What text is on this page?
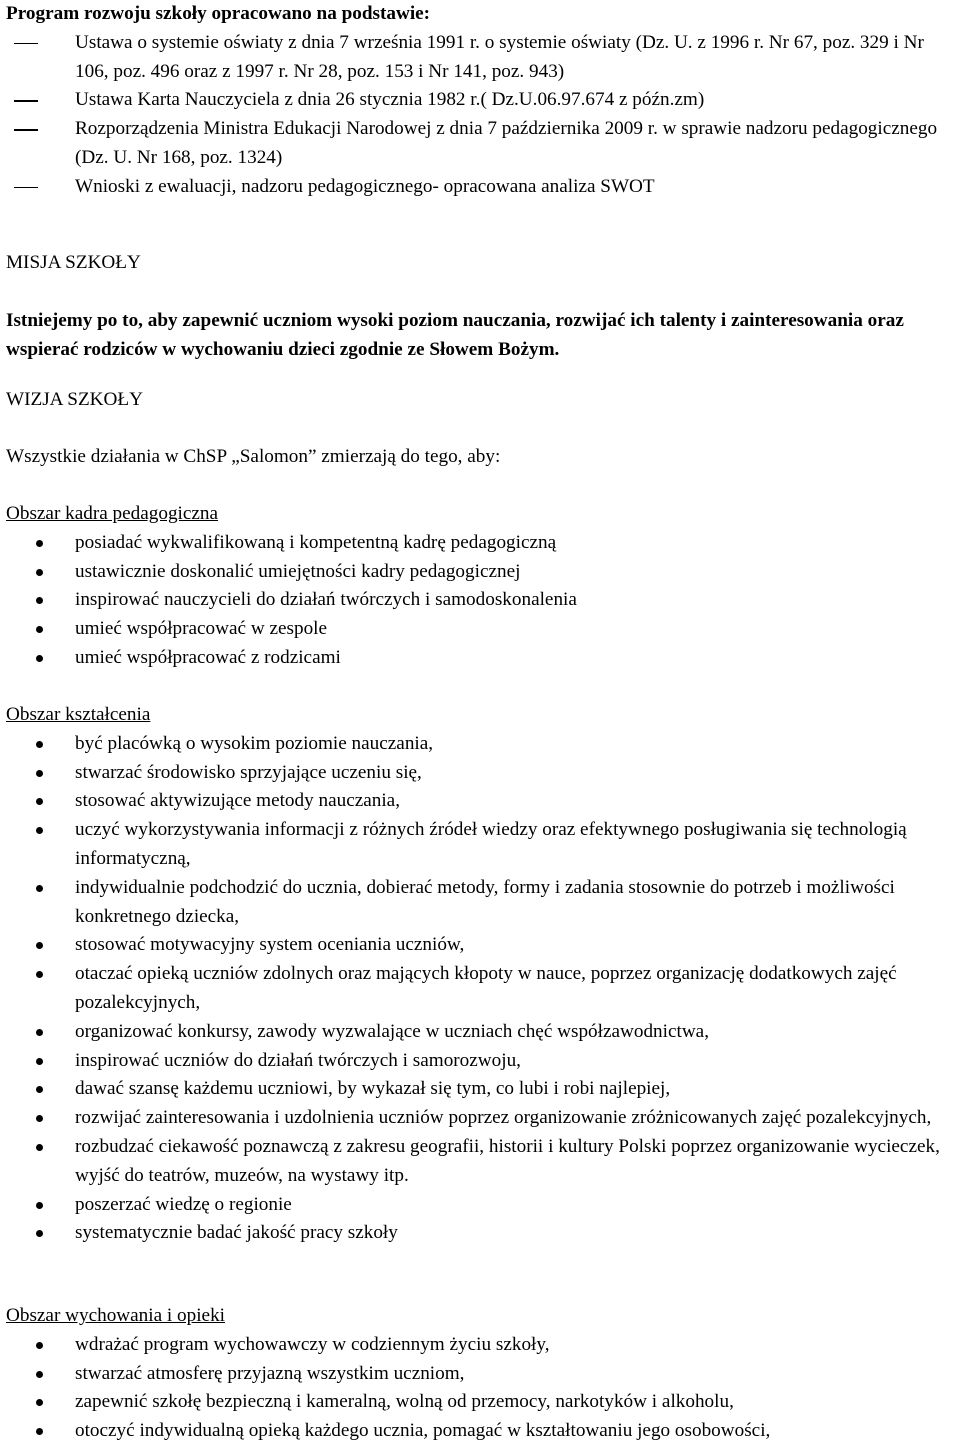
Program rozwoju szkoły opracowano na podstawie:
Ustawa o systemie oświaty z dnia 7 września 1991 r. o systemie oświaty (Dz. U. z 1996 r. Nr 67, poz. 329 i Nr 106, poz. 496 oraz z 1997 r. Nr 28, poz. 153 i Nr 141, poz. 943)
Ustawa Karta Nauczyciela z dnia 26 stycznia 1982 r.( Dz.U.06.97.674 z późn.zm)
Rozporządzenia Ministra Edukacji Narodowej z dnia 7 października 2009 r. w sprawie nadzoru pedagogicznego (Dz. U. Nr 168, poz. 1324)
Wnioski z ewaluacji, nadzoru pedagogicznego- opracowana analiza SWOT
MISJA SZKOŁY
Istniejemy po to, aby zapewnić uczniom wysoki poziom nauczania, rozwijać ich talenty i zainteresowania oraz wspierać rodziców w wychowaniu dzieci zgodnie ze Słowem Bożym.
WIZJA SZKOŁY
Wszystkie działania w ChSP „Salomon” zmierzają do tego, aby:
Obszar kadra pedagogiczna
posiadać wykwalifikowaną i kompetentną kadrę pedagogiczną
ustawicznie doskonalić umiejętności kadry pedagogicznej
inspirować nauczycieli do działań twórczych i samodoskonalenia
umieć współpracować w zespole
umieć współpracować z rodzicami
Obszar kształcenia
być placówką o wysokim poziomie nauczania,
stwarzać środowisko sprzyjające uczeniu się,
stosować aktywizujące metody nauczania,
uczyć wykorzystywania informacji z różnych źródeł wiedzy oraz efektywnego posługiwania się technologią informatyczną,
indywidualnie podchodzić do ucznia, dobierać metody, formy i zadania stosownie do potrzeb i możliwości konkretnego dziecka,
stosować motywacyjny system oceniania uczniów,
otaczać opieką uczniów zdolnych oraz mających kłopoty w nauce, poprzez organizację dodatkowych zajęć pozalekcyjnych,
organizować konkursy, zawody wyzwalające w uczniach chęć współzawodnictwa,
inspirować uczniów do działań twórczych i samorozwoju,
dawać szansę każdemu uczniowi, by wykazał się tym, co lubi i robi najlepiej,
rozwijać zainteresowania i uzdolnienia uczniów poprzez organizowanie zróżnicowanych zajęć pozalekcyjnych,
rozbudzać ciekawość poznawczą z zakresu geografii, historii i kultury Polski poprzez organizowanie wycieczek, wyjść do teatrów, muzeów, na wystawy itp.
poszerzać wiedzę o regionie
systematycznie badać jakość pracy szkoły
Obszar wychowania i opieki
wdrażać program wychowawczy w codziennym życiu szkoły,
stwarzać atmosferę przyjazną wszystkim uczniom,
zapewnić szkołę bezpieczną i kameralną, wolną od przemocy, narkotyków i alkoholu,
otoczyć indywidualną opieką każdego ucznia, pomagać w kształtowaniu jego osobowości,
